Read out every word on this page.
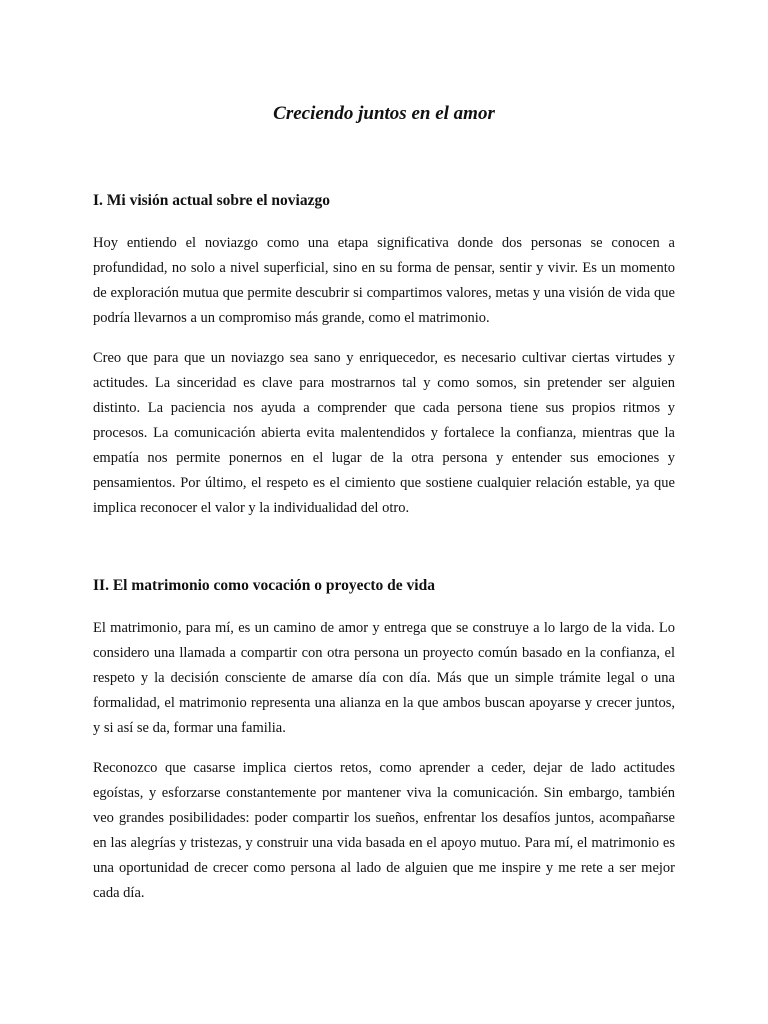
Creciendo juntos en el amor
I. Mi visión actual sobre el noviazgo

Hoy entiendo el noviazgo como una etapa significativa donde dos personas se conocen a profundidad, no solo a nivel superficial, sino en su forma de pensar, sentir y vivir. Es un momento de exploración mutua que permite descubrir si compartimos valores, metas y una visión de vida que podría llevarnos a un compromiso más grande, como el matrimonio.

Creo que para que un noviazgo sea sano y enriquecedor, es necesario cultivar ciertas virtudes y actitudes. La sinceridad es clave para mostrarnos tal y como somos, sin pretender ser alguien distinto. La paciencia nos ayuda a comprender que cada persona tiene sus propios ritmos y procesos. La comunicación abierta evita malentendidos y fortalece la confianza, mientras que la empatía nos permite ponernos en el lugar de la otra persona y entender sus emociones y pensamientos. Por último, el respeto es el cimiento que sostiene cualquier relación estable, ya que implica reconocer el valor y la individualidad del otro.

II. El matrimonio como vocación o proyecto de vida

El matrimonio, para mí, es un camino de amor y entrega que se construye a lo largo de la vida. Lo considero una llamada a compartir con otra persona un proyecto común basado en la confianza, el respeto y la decisión consciente de amarse día con día. Más que un simple trámite legal o una formalidad, el matrimonio representa una alianza en la que ambos buscan apoyarse y crecer juntos, y si así se da, formar una familia.

Reconozco que casarse implica ciertos retos, como aprender a ceder, dejar de lado actitudes egoístas, y esforzarse constantemente por mantener viva la comunicación. Sin embargo, también veo grandes posibilidades: poder compartir los sueños, enfrentar los desafíos juntos, acompañarse en las alegrías y tristezas, y construir una vida basada en el apoyo mutuo. Para mí, el matrimonio es una oportunidad de crecer como persona al lado de alguien que me inspire y me rete a ser mejor cada día.
